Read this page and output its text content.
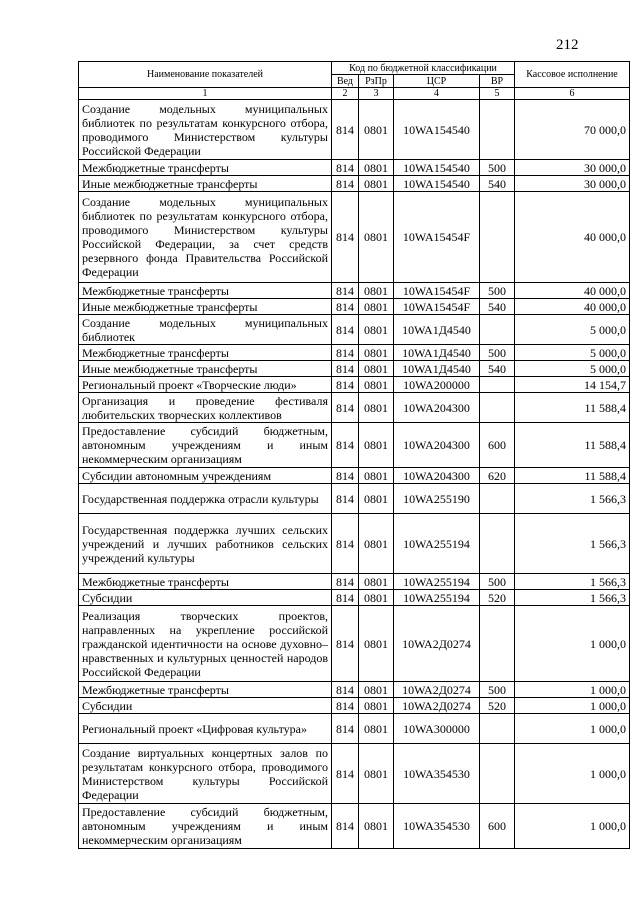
212
Наименование показателей	Код по бюджетной классификации				Кассовое исполнение
	Вед	РзПр	ЦСР	ВР	
1	2	3	4	5	6
Создание модельных муниципальных библиотек по результатам конкурсного отбора, проводимого Министерством культуры Российской Федерации	814	0801	10WA154540		70 000,0
Межбюджетные трансферты	814	0801	10WA154540	500	30 000,0
Иные межбюджетные трансферты	814	0801	10WA154540	540	30 000,0
Создание модельных муниципальных библиотек по результатам конкурсного отбора, проводимого Министерством культуры Российской Федерации, за счет средств резервного фонда Правительства Российской Федерации	814	0801	10WA15454F		40 000,0
Межбюджетные трансферты	814	0801	10WA15454F	500	40 000,0
Иные межбюджетные трансферты	814	0801	10WA15454F	540	40 000,0
Создание модельных муниципальных библиотек	814	0801	10WA1Д4540		5 000,0
Межбюджетные трансферты	814	0801	10WA1Д4540	500	5 000,0
Иные межбюджетные трансферты	814	0801	10WA1Д4540	540	5 000,0
Региональный проект «Творческие люди»	814	0801	10WA200000		14 154,7
Организация и проведение фестиваля любительских творческих коллективов	814	0801	10WA204300		11 588,4
Предоставление субсидий бюджетным, автономным учреждениям и иным некоммерческим организациям	814	0801	10WA204300	600	11 588,4
Субсидии автономным учреждениям	814	0801	10WA204300	620	11 588,4
Государственная поддержка отрасли культуры	814	0801	10WA255190		1 566,3
Государственная поддержка лучших сельских учреждений и лучших работников сельских учреждений культуры	814	0801	10WA255194		1 566,3
Межбюджетные трансферты	814	0801	10WA255194	500	1 566,3
Субсидии	814	0801	10WA255194	520	1 566,3
Реализация творческих проектов, направленных на укрепление российской гражданской идентичности на основе духовно–нравственных и культурных ценностей народов Российской Федерации	814	0801	10WA2Д0274		1 000,0
Межбюджетные трансферты	814	0801	10WA2Д0274	500	1 000,0
Субсидии	814	0801	10WA2Д0274	520	1 000,0
Региональный проект «Цифровая культура»	814	0801	10WA300000		1 000,0
Создание виртуальных концертных залов по результатам конкурсного отбора, проводимого Министерством культуры Российской Федерации	814	0801	10WA354530		1 000,0
Предоставление субсидий бюджетным, автономным учреждениям и иным некоммерческим организациям	814	0801	10WA354530	600	1 000,0
